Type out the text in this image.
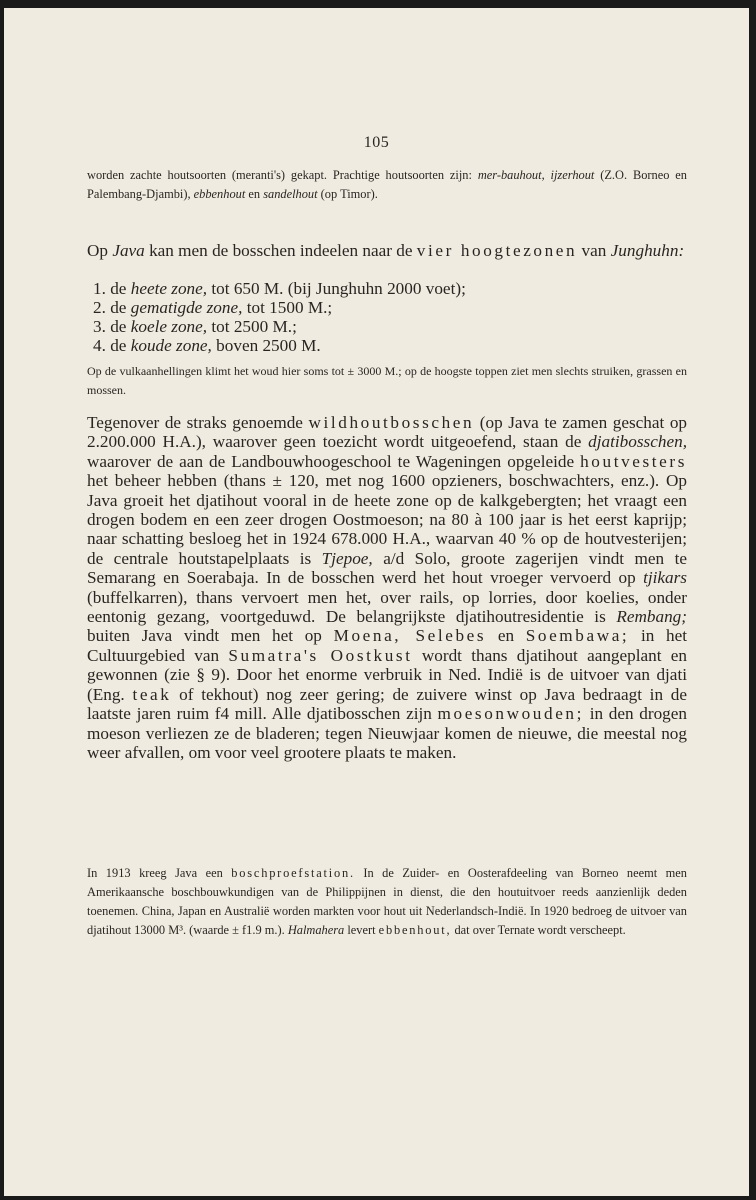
105

worden zachte houtsoorten (meranti's) gekapt. Prachtige houtsoorten zijn: mer-bauhout, ijzerhout (Z.O. Borneo en Palembang-Djambi), ebbenhout en sandelhout (op Timor).

Op Java kan men de bosschen indeelen naar de vier hoogtezonen van Junghuhn:

1. de heete zone, tot 650 M. (bij Junghuhn 2000 voet);
2. de gematigde zone, tot 1500 M.;
3. de koele zone, tot 2500 M.;
4. de koude zone, boven 2500 M.

Op de vulkaanhellingen klimt het woud hier soms tot ± 3000 M.; op de hoogste toppen ziet men slechts struiken, grassen en mossen.

Tegenover de straks genoemde wildhoutbosschen (op Java te zamen geschat op 2.200.000 H.A.), waarover geen toezicht wordt uitgeoefend, staan de djatibosschen, waarover de aan de Landbouwhoogeschool te Wageningen opgeleide houtvesters het beheer hebben (thans ± 120, met nog 1600 opzieners, boschwachters, enz.). Op Java groeit het djatihout vooral in de heete zone op de kalkgebergten; het vraagt een drogen bodem en een zeer drogen Oostmoeson; na 80 à 100 jaar is het eerst kaprijp; naar schatting besloeg het in 1924 678.000 H.A., waarvan 40 % op de houtvesterijen; de centrale houtstapelplaats is Tjepoe, a/d Solo, groote zagerijen vindt men te Semarang en Soerabaja. In de bosschen werd het hout vroeger vervoerd op tjikars (buffelkarren), thans vervoert men het, over rails, op lorries, door koelies, onder eentonig gezang, voortgeduwd. De belangrijkste djatihoutresidentie is Rembang; buiten Java vindt men het op Moena, Selebes en Soembawa; in het Cultuurgebied van Sumatra's Oostkust wordt thans djatihout aangeplant en gewonnen (zie § 9). Door het enorme verbruik in Ned. Indië is de uitvoer van djati (Eng. teak of tekhout) nog zeer gering; de zuivere winst op Java bedraagt in de laatste jaren ruim f4 mill. Alle djatibosschen zijn moesonwouden; in den drogen moeson verliezen ze de bladeren; tegen Nieuwjaar komen de nieuwe, die meestal nog weer afvallen, om voor veel grootere plaats te maken.

In 1913 kreeg Java een boschproefstation. In de Zuider- en Oosterafdeeling van Borneo neemt men Amerikaansche boschbouwkundigen van de Philippijnen in dienst, die den houtuitvoer reeds aanzienlijk deden toenemen. China, Japan en Australië worden markten voor hout uit Nederlandsch-Indië. In 1920 bedroeg de uitvoer van djatihout 13000 M³. (waarde ± f1.9 m.). Halmahera levert ebbenhout, dat over Ternate wordt verscheept.
